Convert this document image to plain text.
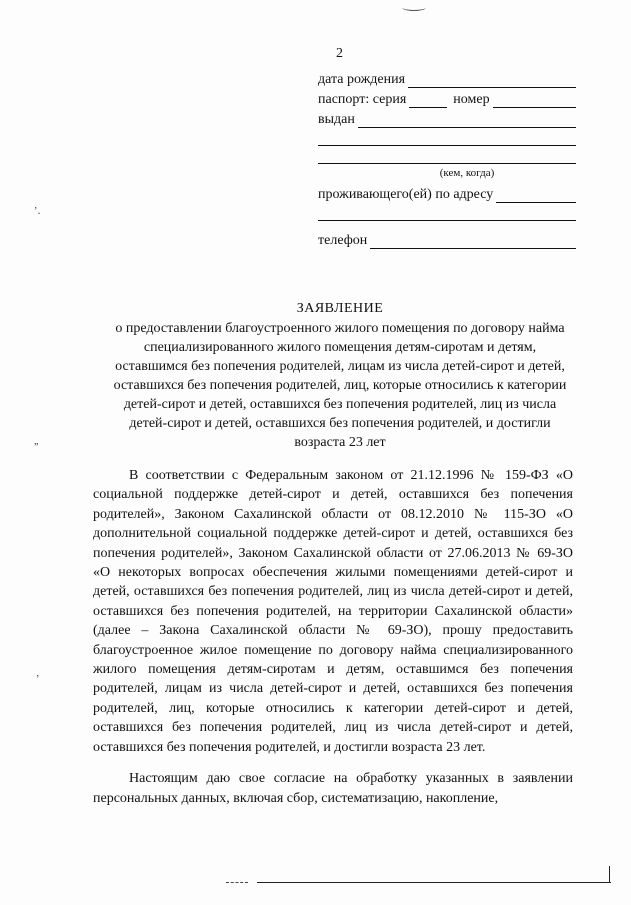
2
дата рождения
паспорт: серия	номер
выдан
(кем, когда)
проживающего(ей) по адресу
телефон
ЗАЯВЛЕНИЕ
о предоставлении благоустроенного жилого помещения по договору найма
специализированного жилого помещения детям-сиротам и детям,
оставшимся без попечения родителей, лицам из числа детей-сирот и детей,
оставшихся без попечения родителей, лиц, которые относились к категории
детей-сирот и детей, оставшихся без попечения родителей, лиц из числа
детей-сирот и детей, оставшихся без попечения родителей, и достигли
возраста 23 лет

В соответствии с Федеральным законом от 21.12.1996 № 159-ФЗ «О социальной поддержке детей-сирот и детей, оставшихся без попечения родителей», Законом Сахалинской области от 08.12.2010 № 115-ЗО «О дополнительной социальной поддержке детей-сирот и детей, оставшихся без попечения родителей», Законом Сахалинской области от 27.06.2013 № 69-ЗО «О некоторых вопросах обеспечения жилыми помещениями детей-сирот и детей, оставшихся без попечения родителей, лиц из числа детей-сирот и детей, оставшихся без попечения родителей, на территории Сахалинской области» (далее – Закона Сахалинской области № 69-ЗО), прошу предоставить благоустроенное жилое помещение по договору найма специализированного жилого помещения детям-сиротам и детям, оставшимся без попечения родителей, лицам из числа детей-сирот и детей, оставшихся без попечения родителей, лиц, которые относились к категории детей-сирот и детей, оставшихся без попечения родителей, лиц из числа детей-сирот и детей, оставшихся без попечения родителей, и достигли возраста 23 лет.

Настоящим даю свое согласие на обработку указанных в заявлении персональных данных, включая сбор, систематизацию, накопление,

’․
”
‚
